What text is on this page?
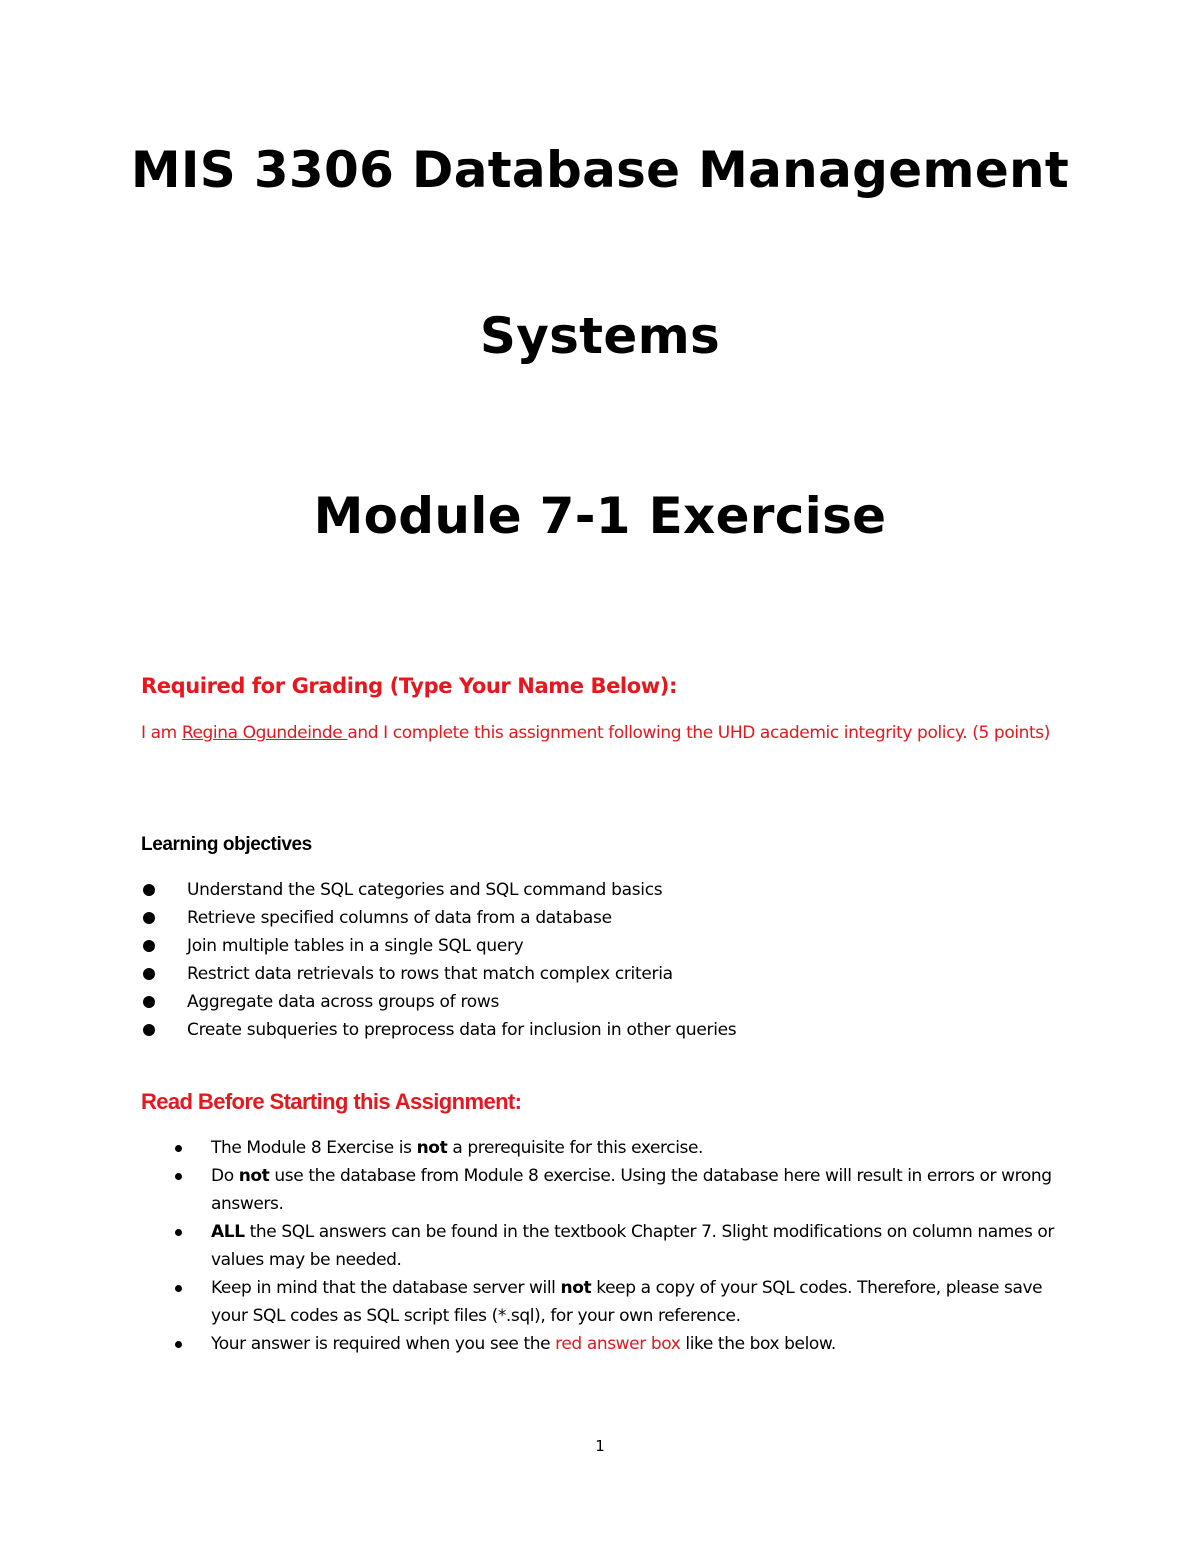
MIS 3306 Database Management
Systems
Module 7-1 Exercise
Required for Grading (Type Your Name Below):
I am Regina Ogundeinde and I complete this assignment following the UHD academic integrity policy. (5 points)
Learning objectives
Understand the SQL categories and SQL command basics
Retrieve specified columns of data from a database
Join multiple tables in a single SQL query
Restrict data retrievals to rows that match complex criteria
Aggregate data across groups of rows
Create subqueries to preprocess data for inclusion in other queries
Read Before Starting this Assignment:
The Module 8 Exercise is not a prerequisite for this exercise.
Do not use the database from Module 8 exercise. Using the database here will result in errors or wrong answers.
ALL the SQL answers can be found in the textbook Chapter 7. Slight modifications on column names or values may be needed.
Keep in mind that the database server will not keep a copy of your SQL codes. Therefore, please save your SQL codes as SQL script files (*.sql), for your own reference.
Your answer is required when you see the red answer box like the box below.
1
